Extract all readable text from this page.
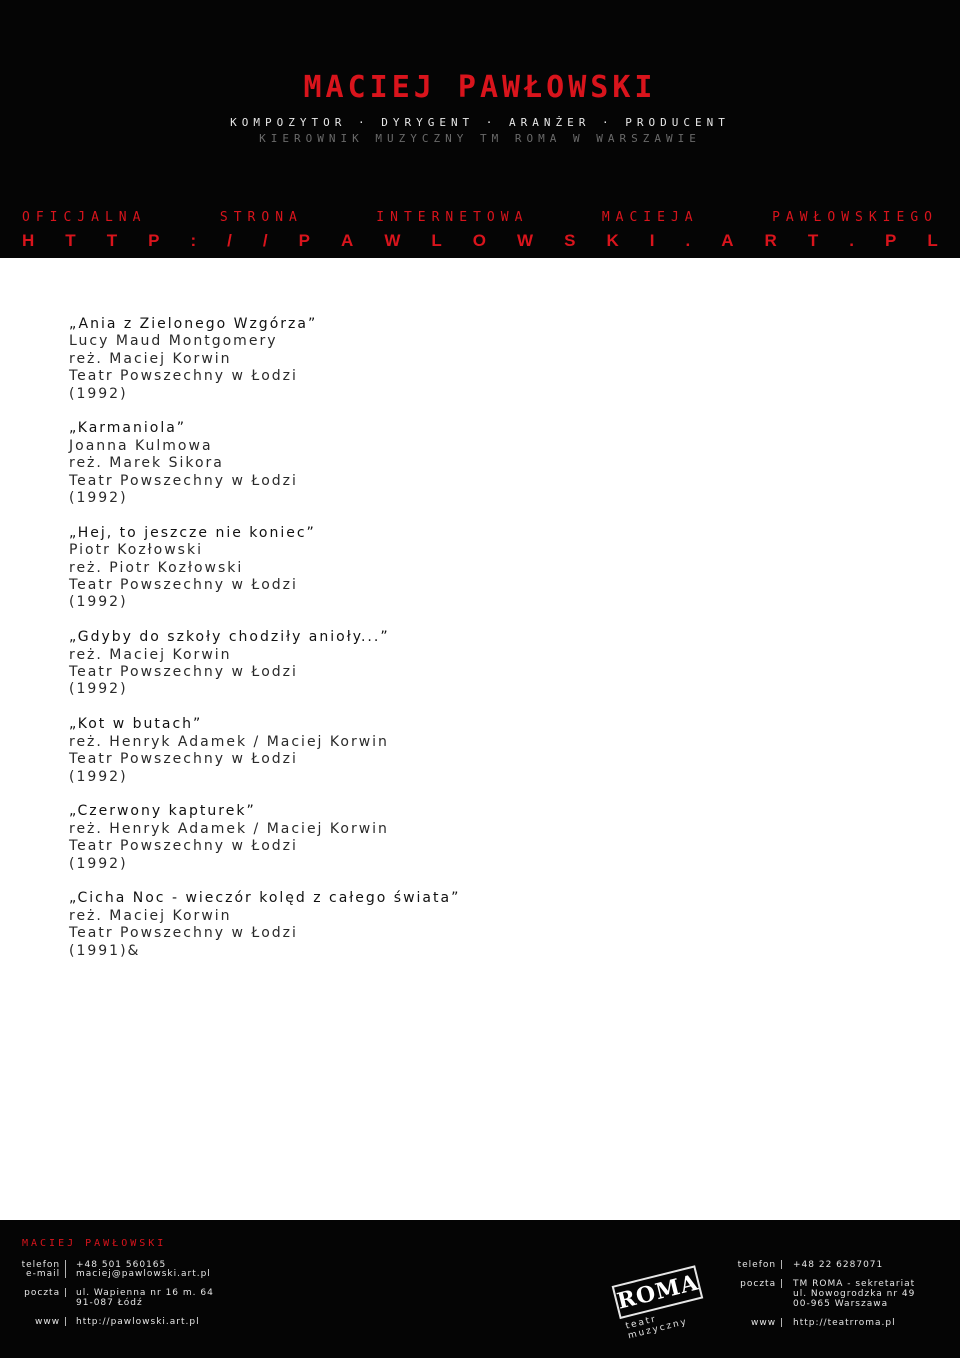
MACIEJ PAWŁOWSKI
KOMPOZYTOR · DYRYGENT · ARANŻER · PRODUCENT
KIEROWNIK MUZYCZNY TM ROMA W WARSZAWIE
OFICJALNA	STRONA	INTERNETOWA	MACIEJA	PAWŁOWSKIEGO
H T T P : / / P A W L O W S K I . A R T . P L
„Ania z Zielonego Wzgórza”
Lucy Maud Montgomery
reż. Maciej Korwin
Teatr Powszechny w Łodzi
(1992)
„Karmaniola”
Joanna Kulmowa
reż. Marek Sikora
Teatr Powszechny w Łodzi
(1992)
„Hej, to jeszcze nie koniec”
Piotr Kozłowski
reż. Piotr Kozłowski
Teatr Powszechny w Łodzi
(1992)
„Gdyby do szkoły chodziły anioły...”
reż. Maciej Korwin
Teatr Powszechny w Łodzi
(1992)
„Kot w butach”
reż. Henryk Adamek / Maciej Korwin
Teatr Powszechny w Łodzi
(1992)
„Czerwony kapturek”
reż. Henryk Adamek / Maciej Korwin
Teatr Powszechny w Łodzi
(1992)
„Cicha Noc - wieczór kolęd z całego świata”
reż. Maciej Korwin
Teatr Powszechny w Łodzi
(1991)&
MACIEJ PAWŁOWSKI
telefon | +48 501 560165
e-mail | maciej@pawlowski.art.pl
poczta | ul. Wapienna nr 16 m. 64
91-087 Łódź
www | http://pawlowski.art.pl
ROMA
teatr muzyczny
telefon | +48 22 6287071
poczta | TM ROMA - sekretariat
ul. Nowogrodzka nr 49
00-965 Warszawa
www | http://teatrroma.pl
